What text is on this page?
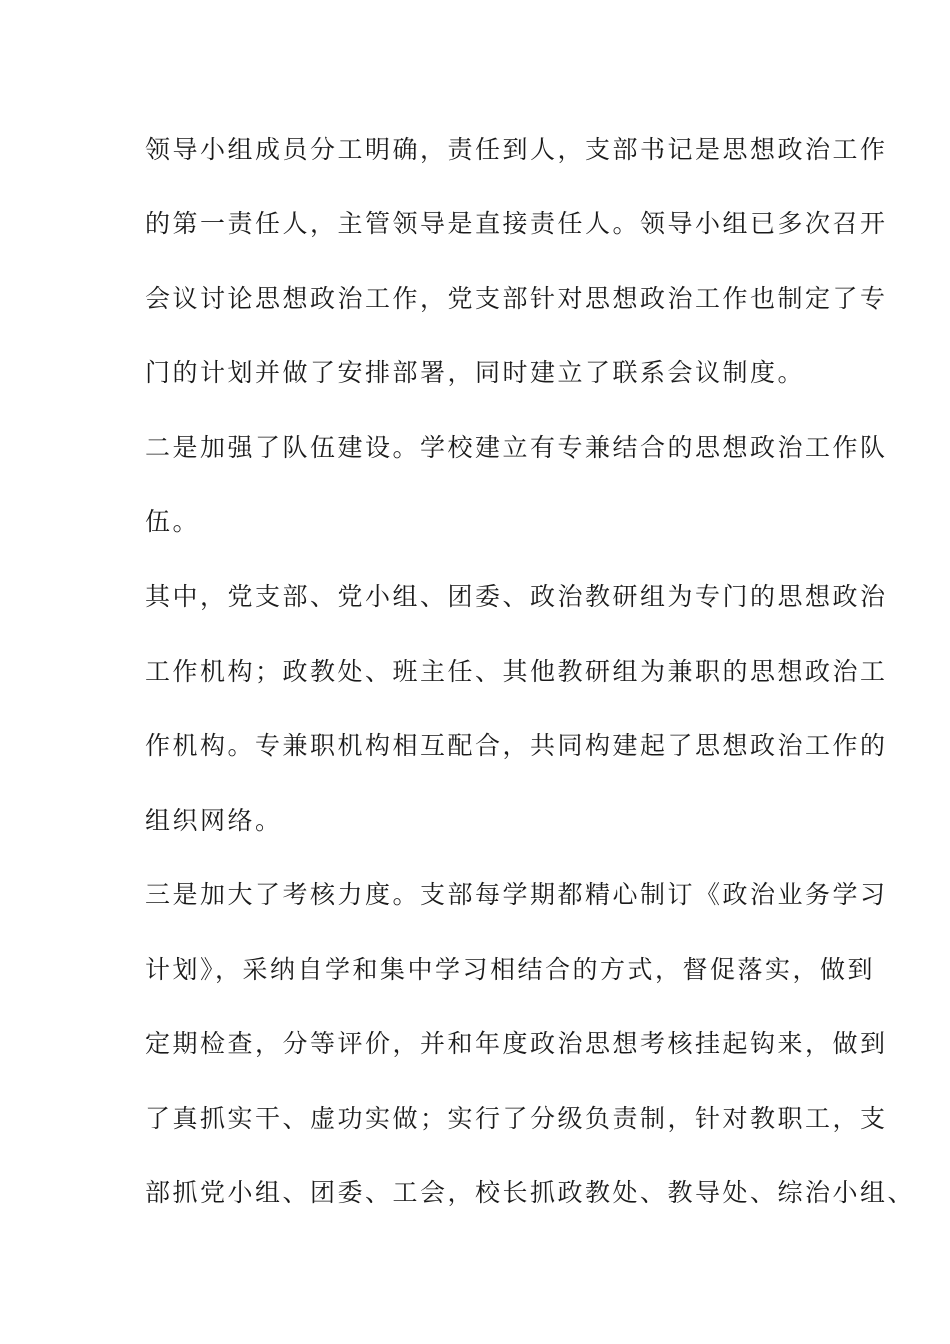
领导小组成员分工明确，责任到人，支部书记是思想政治工作
的第一责任人，主管领导是直接责任人。领导小组已多次召开
会议讨论思想政治工作，党支部针对思想政治工作也制定了专
门的计划并做了安排部署，同时建立了联系会议制度。
二是加强了队伍建设。学校建立有专兼结合的思想政治工作队
伍。
其中，党支部、党小组、团委、政治教研组为专门的思想政治
工作机构；政教处、班主任、其他教研组为兼职的思想政治工
作机构。专兼职机构相互配合，共同构建起了思想政治工作的
组织网络。
三是加大了考核力度。支部每学期都精心制订《政治业务学习
计划》，采纳自学和集中学习相结合的方式，督促落实，做到
定期检查，分等评价，并和年度政治思想考核挂起钩来，做到
了真抓实干、虚功实做；实行了分级负责制，针对教职工，支
部抓党小组、团委、工会，校长抓政教处、教导处、综治小组、
